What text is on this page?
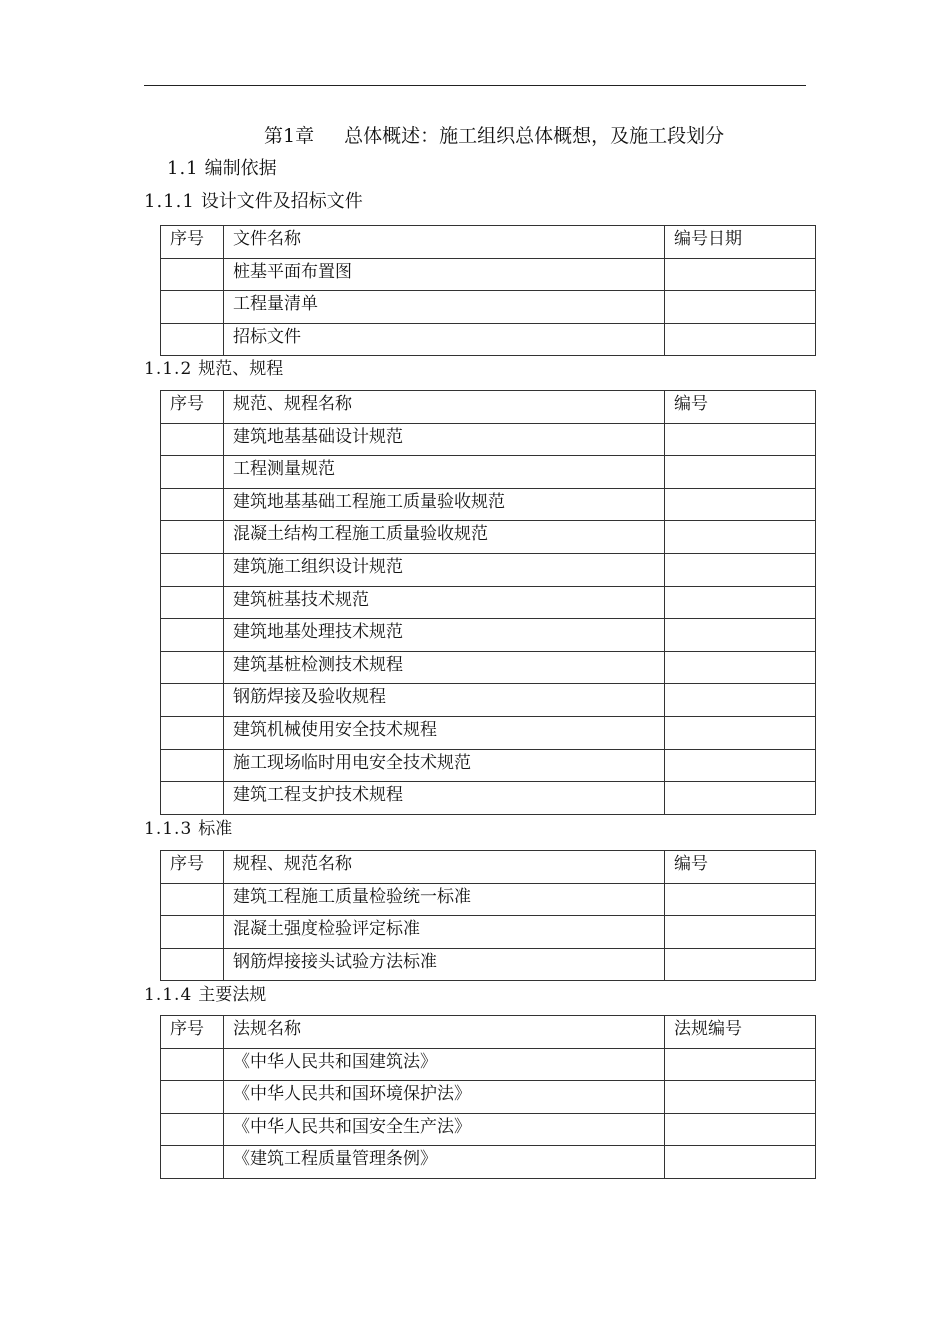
第1章 总体概述：施工组织总体概想，及施工段划分
1.1 编制依据
1.1.1 设计文件及招标文件
序号	文件名称	编号日期
	桩基平面布置图	
	工程量清单	
	招标文件	
1.1.2 规范、规程
序号	规范、规程名称	编号
	建筑地基基础设计规范	
	工程测量规范	
	建筑地基基础工程施工质量验收规范	
	混凝土结构工程施工质量验收规范	
	建筑施工组织设计规范	
	建筑桩基技术规范	
	建筑地基处理技术规范	
	建筑基桩检测技术规程	
	钢筋焊接及验收规程	
	建筑机械使用安全技术规程	
	施工现场临时用电安全技术规范	
	建筑工程支护技术规程	
1.1.3 标准
序号	规程、规范名称	编号
	建筑工程施工质量检验统一标准	
	混凝土强度检验评定标准	
	钢筋焊接接头试验方法标准	
1.1.4 主要法规
序号	法规名称	法规编号
	《中华人民共和国建筑法》	
	《中华人民共和国环境保护法》	
	《中华人民共和国安全生产法》	
	《建筑工程质量管理条例》	
